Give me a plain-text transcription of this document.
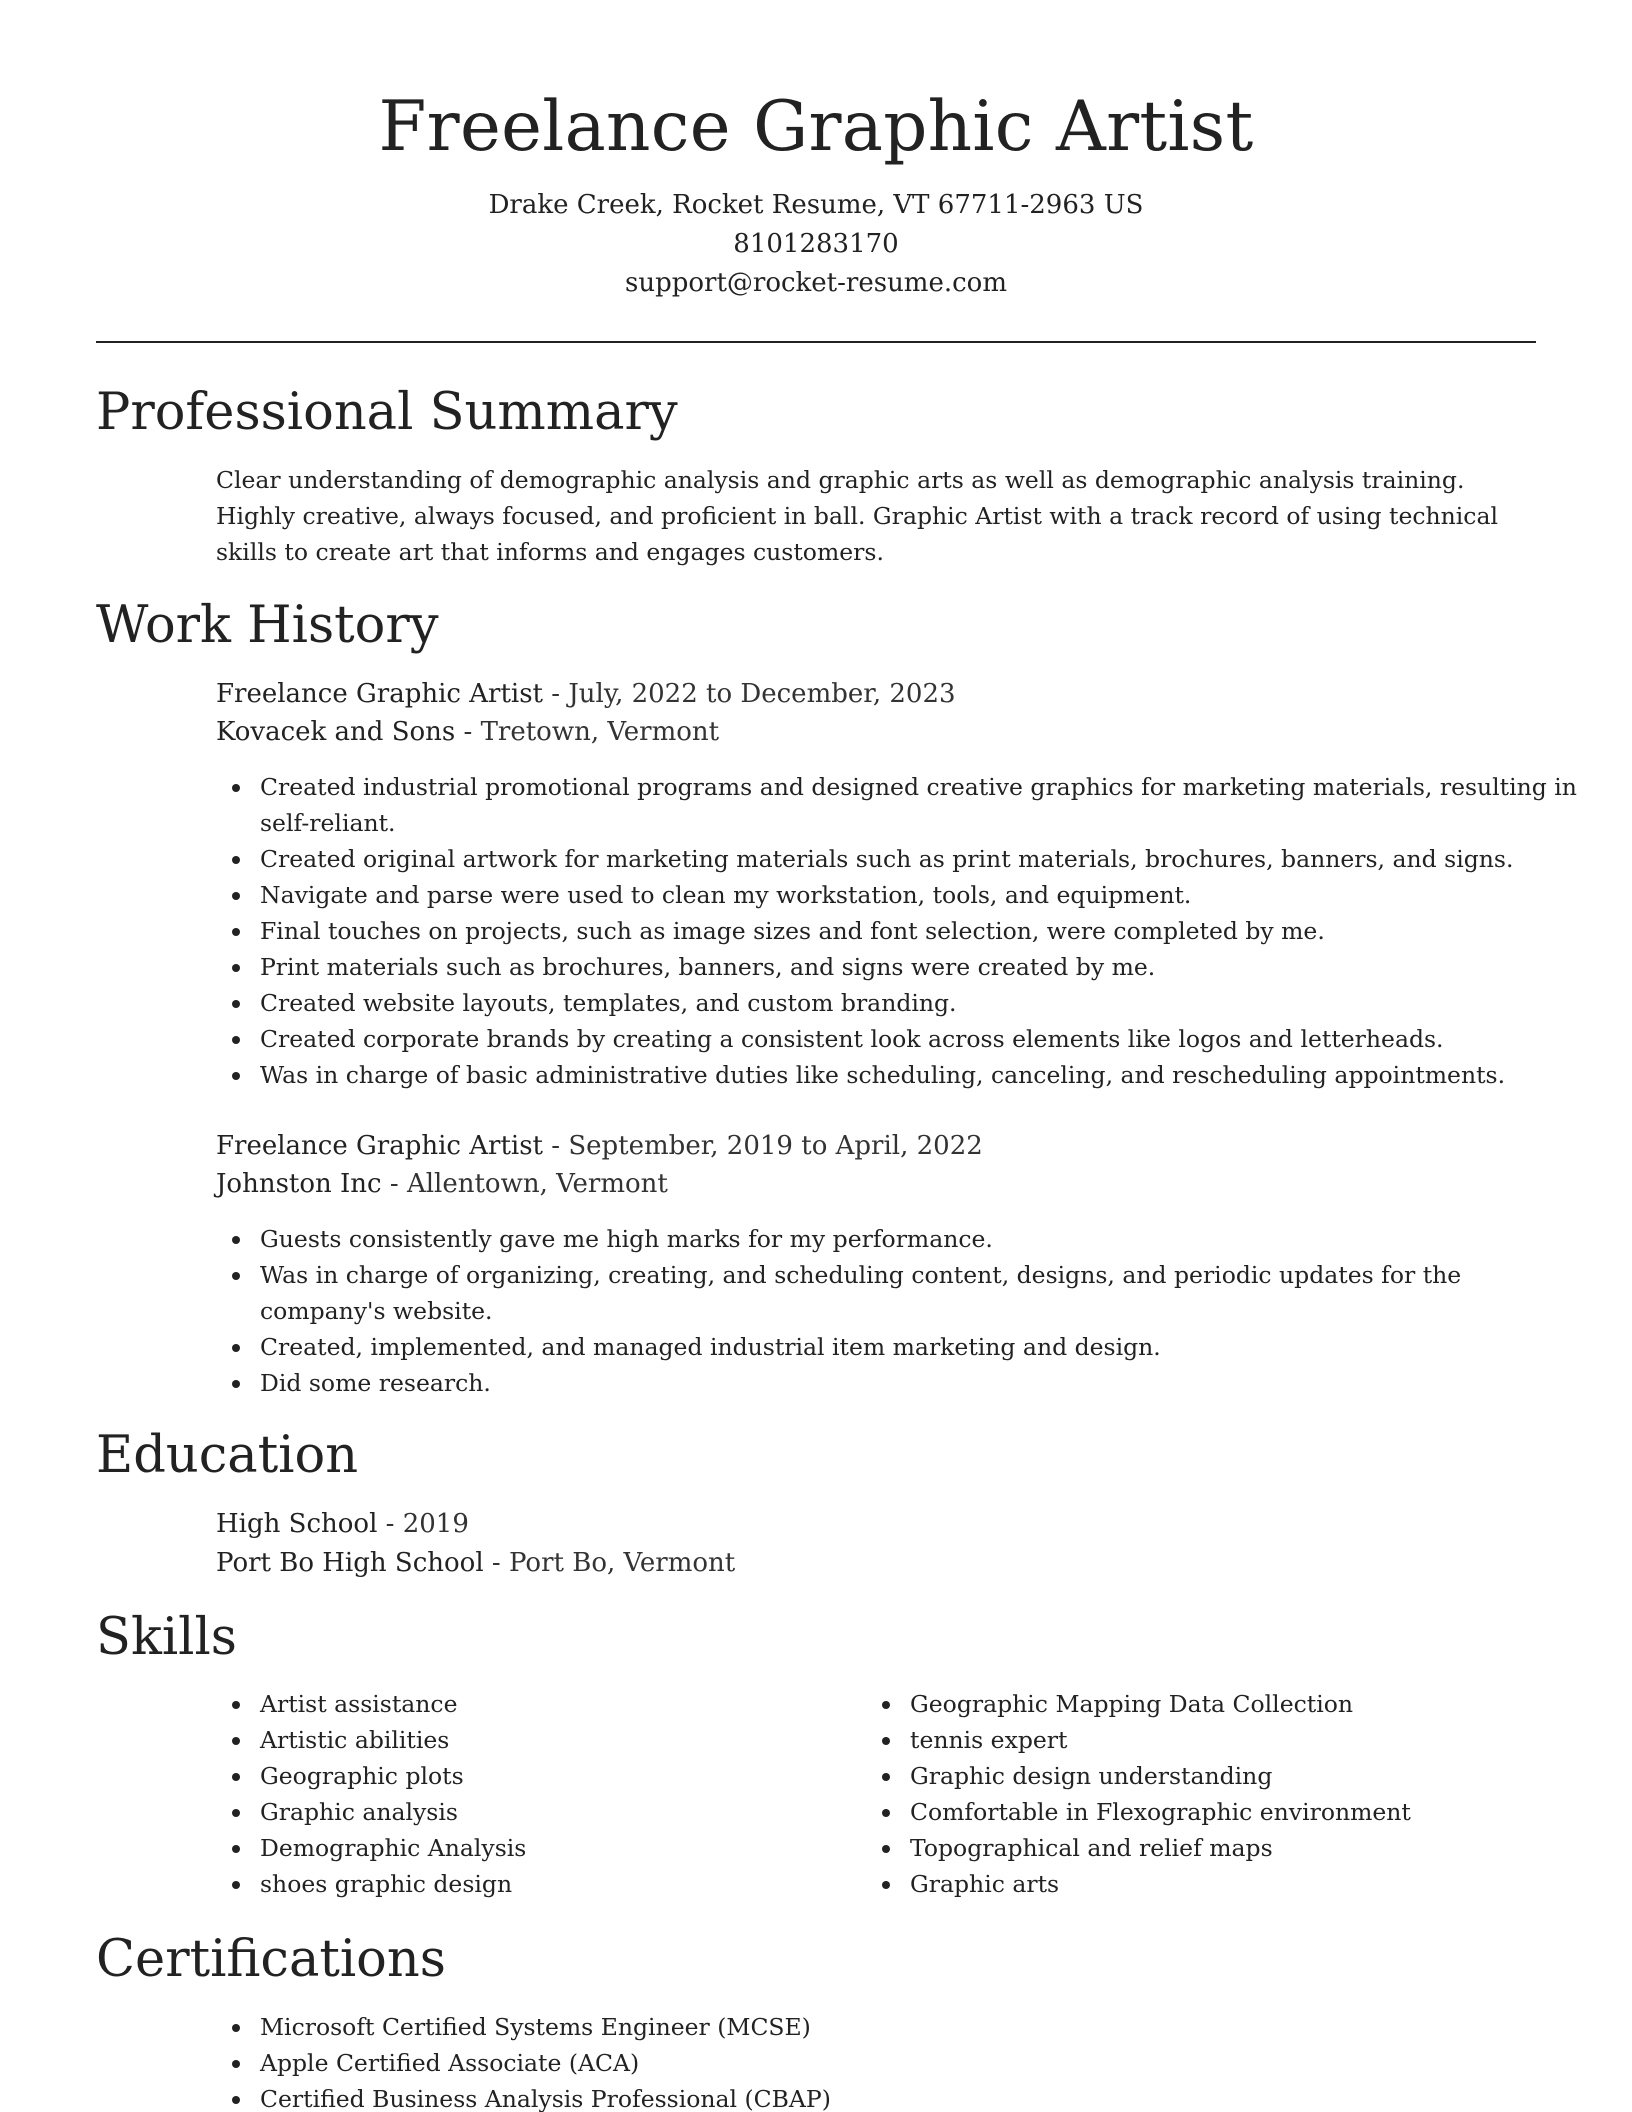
Freelance Graphic Artist
Drake Creek, Rocket Resume, VT 67711-2963 US
8101283170
support@rocket-resume.com
Professional Summary

Clear understanding of demographic analysis and graphic arts as well as demographic analysis training. Highly creative, always focused, and proficient in ball. Graphic Artist with a track record of using technical skills to create art that informs and engages customers.

Work History
Freelance Graphic Artist - July, 2022 to December, 2023
Kovacek and Sons - Tretown, Vermont
Created industrial promotional programs and designed creative graphics for marketing materials, resulting in self-reliant.
Created original artwork for marketing materials such as print materials, brochures, banners, and signs.
Navigate and parse were used to clean my workstation, tools, and equipment.
Final touches on projects, such as image sizes and font selection, were completed by me.
Print materials such as brochures, banners, and signs were created by me.
Created website layouts, templates, and custom branding.
Created corporate brands by creating a consistent look across elements like logos and letterheads.
Was in charge of basic administrative duties like scheduling, canceling, and rescheduling appointments.
Freelance Graphic Artist - September, 2019 to April, 2022
Johnston Inc - Allentown, Vermont
Guests consistently gave me high marks for my performance.
Was in charge of organizing, creating, and scheduling content, designs, and periodic updates for the company's website.
Created, implemented, and managed industrial item marketing and design.
Did some research.
Education
High School - 2019
Port Bo High School - Port Bo, Vermont
Skills
Artist assistance
Artistic abilities
Geographic plots
Graphic analysis
Demographic Analysis
shoes graphic design
Geographic Mapping Data Collection
tennis expert
Graphic design understanding
Comfortable in Flexographic environment
Topographical and relief maps
Graphic arts
Certifications
Microsoft Certified Systems Engineer (MCSE)
Apple Certified Associate (ACA)
Certified Business Analysis Professional (CBAP)
